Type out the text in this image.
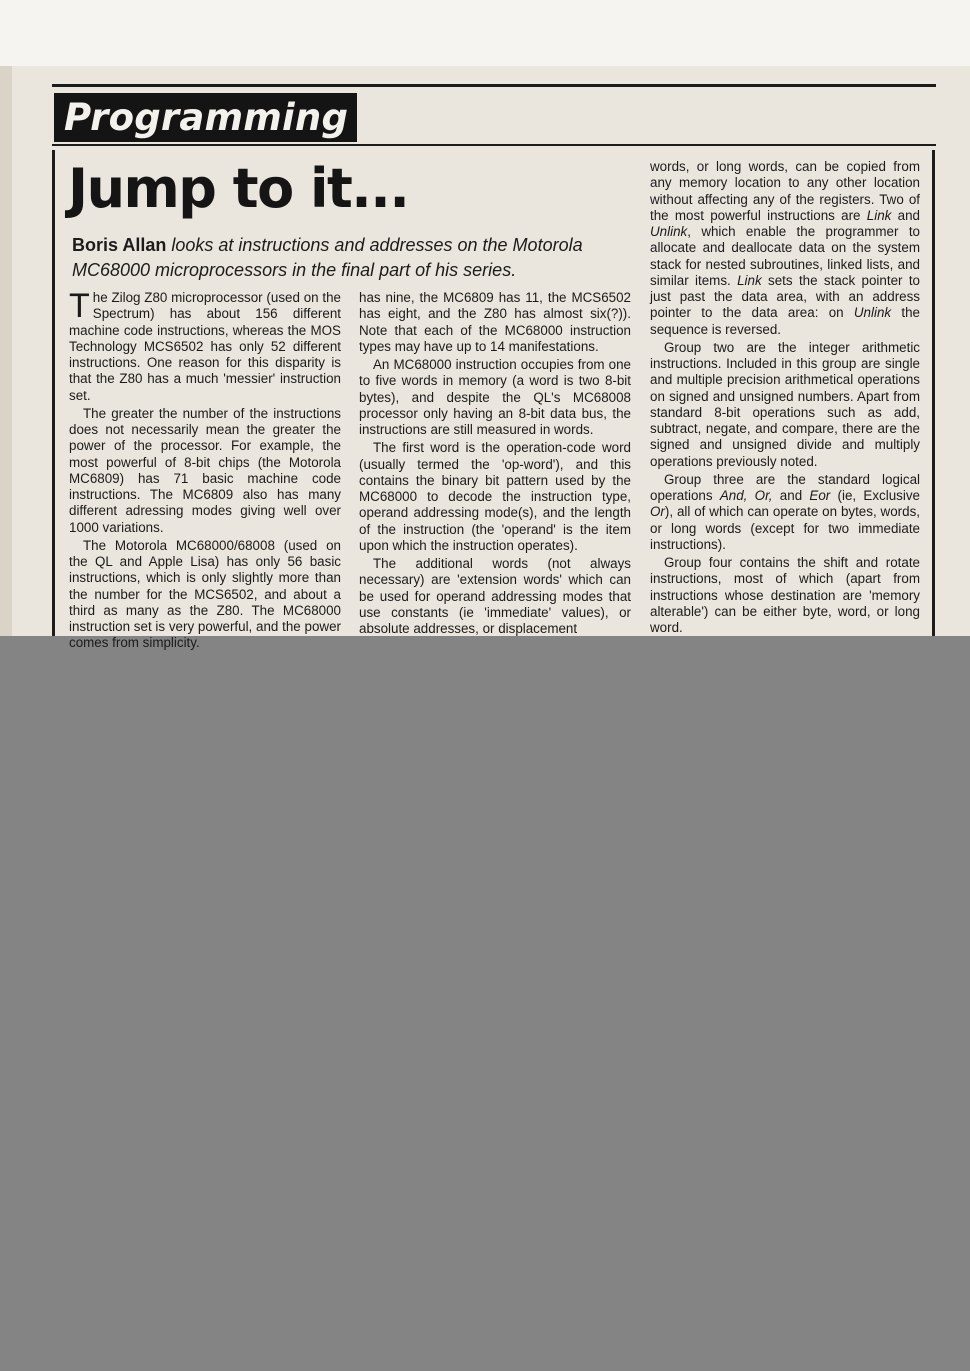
Programming
Jump to it...
Boris Allan looks at instructions and addresses on the Motorola MC68000 microprocessors in the final part of his series.

The Zilog Z80 microprocessor (used on the Spectrum) has about 156 different machine code instructions, whereas the MOS Technology MCS6502 has only 52 different instructions. One reason for this disparity is that the Z80 has a much 'messier' instruction set.

The greater the number of the instructions does not necessarily mean the greater the power of the processor. For example, the most powerful of 8-bit chips (the Motorola MC6809) has 71 basic machine code instructions. The MC6809 also has many different adressing modes giving well over 1000 variations.

The Motorola MC68000/68008 (used on the QL and Apple Lisa) has only 56 basic instructions, which is only slightly more than the number for the MCS6502, and about a third as many as the Z80. The MC68000 instruction set is very powerful, and the power comes from simplicity.

has nine, the MC6809 has 11, the MCS6502 has eight, and the Z80 has almost six(?)). Note that each of the MC68000 instruction types may have up to 14 manifestations.

An MC68000 instruction occupies from one to five words in memory (a word is two 8-bit bytes), and despite the QL's MC68008 processor only having an 8-bit data bus, the instructions are still measured in words.

The first word is the operation-code word (usually termed the 'op-word'), and this contains the binary bit pattern used by the MC68000 to decode the instruction type, operand addressing mode(s), and the length of the instruction (the 'operand' is the item upon which the instruction operates).

The additional words (not always necessary) are 'extension words' which can be used for operand addressing modes that use constants (ie 'immediate' values), or absolute addresses, or displacement

words, or long words, can be copied from any memory location to any other location without affecting any of the registers. Two of the most powerful instructions are Link and Unlink, which enable the programmer to allocate and deallocate data on the system stack for nested subroutines, linked lists, and similar items. Link sets the stack pointer to just past the data area, with an address pointer to the data area: on Unlink the sequence is reversed.

Group two are the integer arithmetic instructions. Included in this group are single and multiple precision arithmetical operations on signed and unsigned numbers. Apart from standard 8-bit operations such as add, subtract, negate, and compare, there are the signed and unsigned divide and multiply operations previously noted.

Group three are the standard logical operations And, Or, and Eor (ie, Exclusive Or), all of which can operate on bytes, words, or long words (except for two immediate instructions).

Group four contains the shift and rotate instructions, most of which (apart from instructions whose destination are 'memory alterable') can be either byte, word, or long word.
